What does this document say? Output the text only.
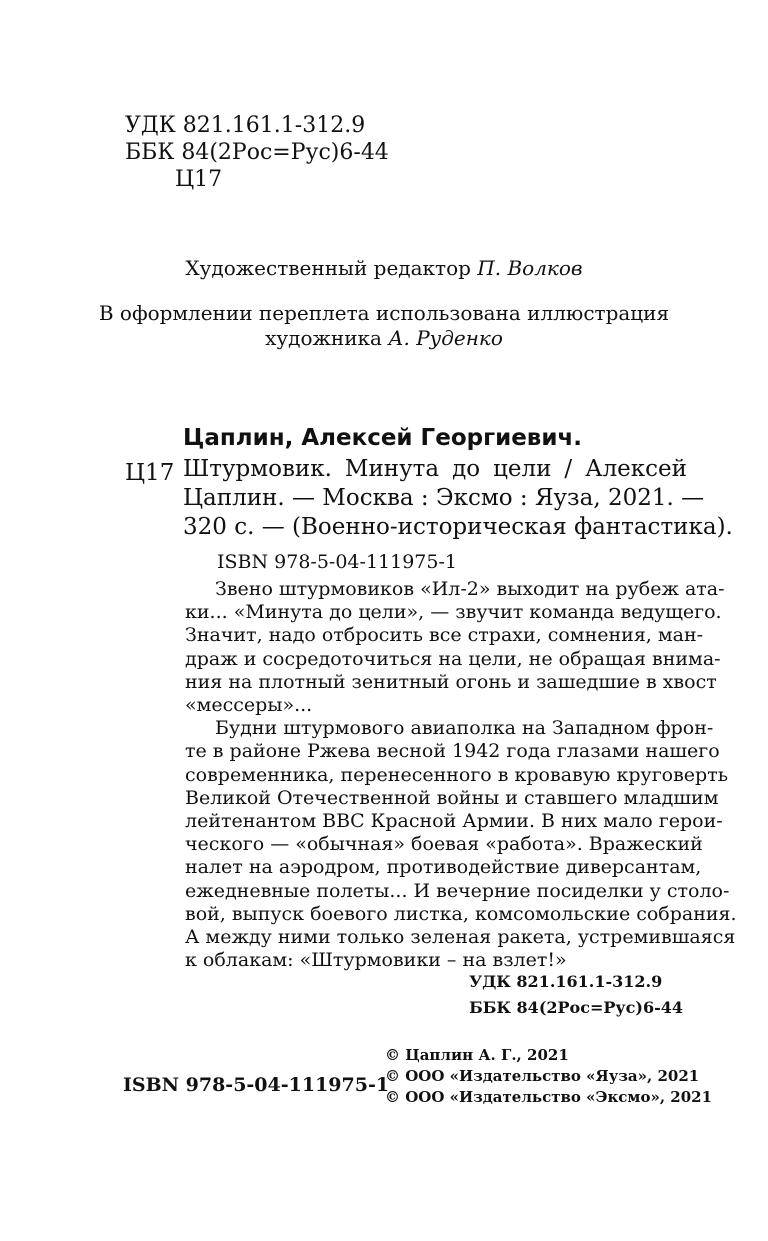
УДК 821.161.1-312.9
ББК 84(2Рос=Рус)6-44
Ц17
Художественный редактор П. Волков
В оформлении переплета использована иллюстрация
художника А. Руденко
Цаплин, Алексей Георгиевич.
Ц17 Штурмовик. Минута до цели / Алексей

Цаплин. — Москва : Эксмо : Яуза, 2021. —

320 с. — (Военно-историческая фантастика).

ISBN 978-5-04-111975-1

Звено штурмовиков «Ил-2» выходит на рубеж ата-

ки... «Минута до цели», — звучит команда ведущего.

Значит, надо отбросить все страхи, сомнения, ман-

драж и сосредоточиться на цели, не обращая внима-

ния на плотный зенитный огонь и зашедшие в хвост

«мессеры»...

Будни штурмового авиаполка на Западном фрон-

те в районе Ржева весной 1942 года глазами нашего

современника, перенесенного в кровавую круговерть

Великой Отечественной войны и ставшего младшим

лейтенантом ВВС Красной Армии. В них мало герои-

ческого — «обычная» боевая «работа». Вражеский

налет на аэродром, противодействие диверсантам,

ежедневные полеты... И вечерние посиделки у столо-

вой, выпуск боевого листка, комсомольские собрания.

А между ними только зеленая ракета, устремившаяся

к облакам: «Штурмовики – на взлет!»

УДК 821.161.1-312.9
ББК 84(2Рос=Рус)6-44
© Цаплин А. Г., 2021
© ООО «Издательство «Яуза», 2021
© ООО «Издательство «Эксмо», 2021
ISBN 978-5-04-111975-1
